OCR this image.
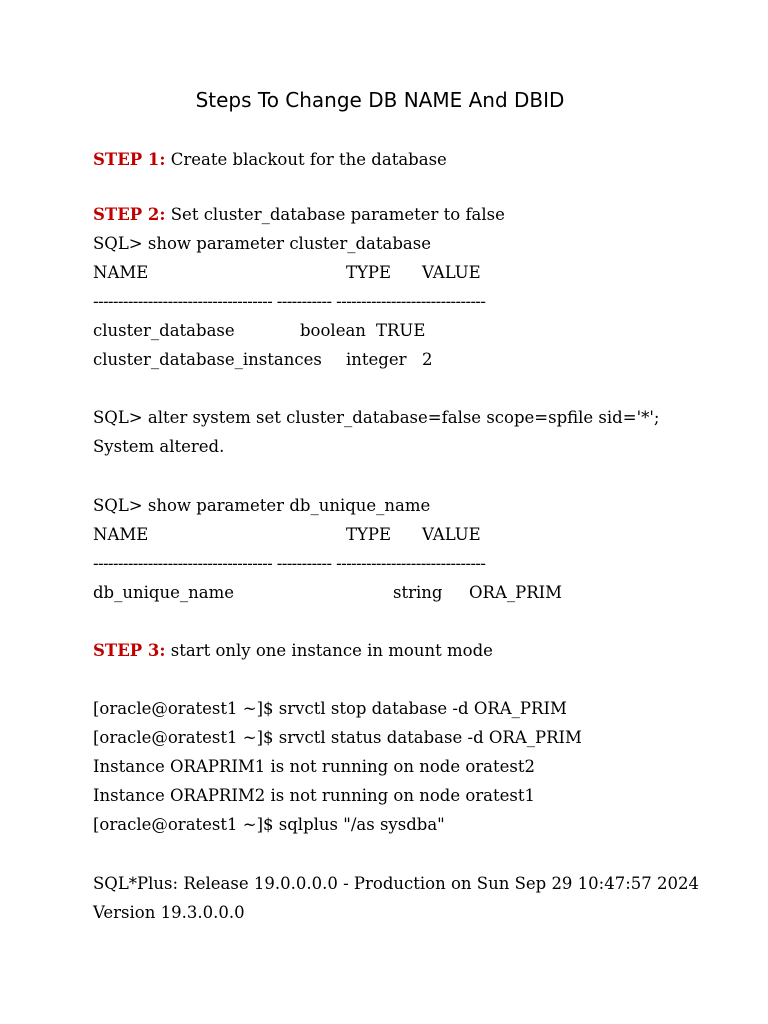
Steps To Change DB NAME And DBID
STEP 1: Create blackout for the database
STEP 2: Set cluster_database parameter to false
SQL> show parameter cluster_database
NAME	TYPE VALUE
------------------------------------ ----------- ------------------------------
cluster_database	boolean TRUE
cluster_database_instances integer 2
SQL> alter system set cluster_database=false scope=spfile sid='*';
System altered.
SQL> show parameter db_unique_name
NAME	TYPE VALUE
------------------------------------ ----------- ------------------------------
db_unique_name	string ORA_PRIM
STEP 3: start only one instance in mount mode
[oracle@oratest1 ~]$ srvctl stop database -d ORA_PRIM
[oracle@oratest1 ~]$ srvctl status database -d ORA_PRIM
Instance ORAPRIM1 is not running on node oratest2
Instance ORAPRIM2 is not running on node oratest1
[oracle@oratest1 ~]$ sqlplus "/as sysdba"
SQL*Plus: Release 19.0.0.0.0 - Production on Sun Sep 29 10:47:57 2024
Version 19.3.0.0.0
